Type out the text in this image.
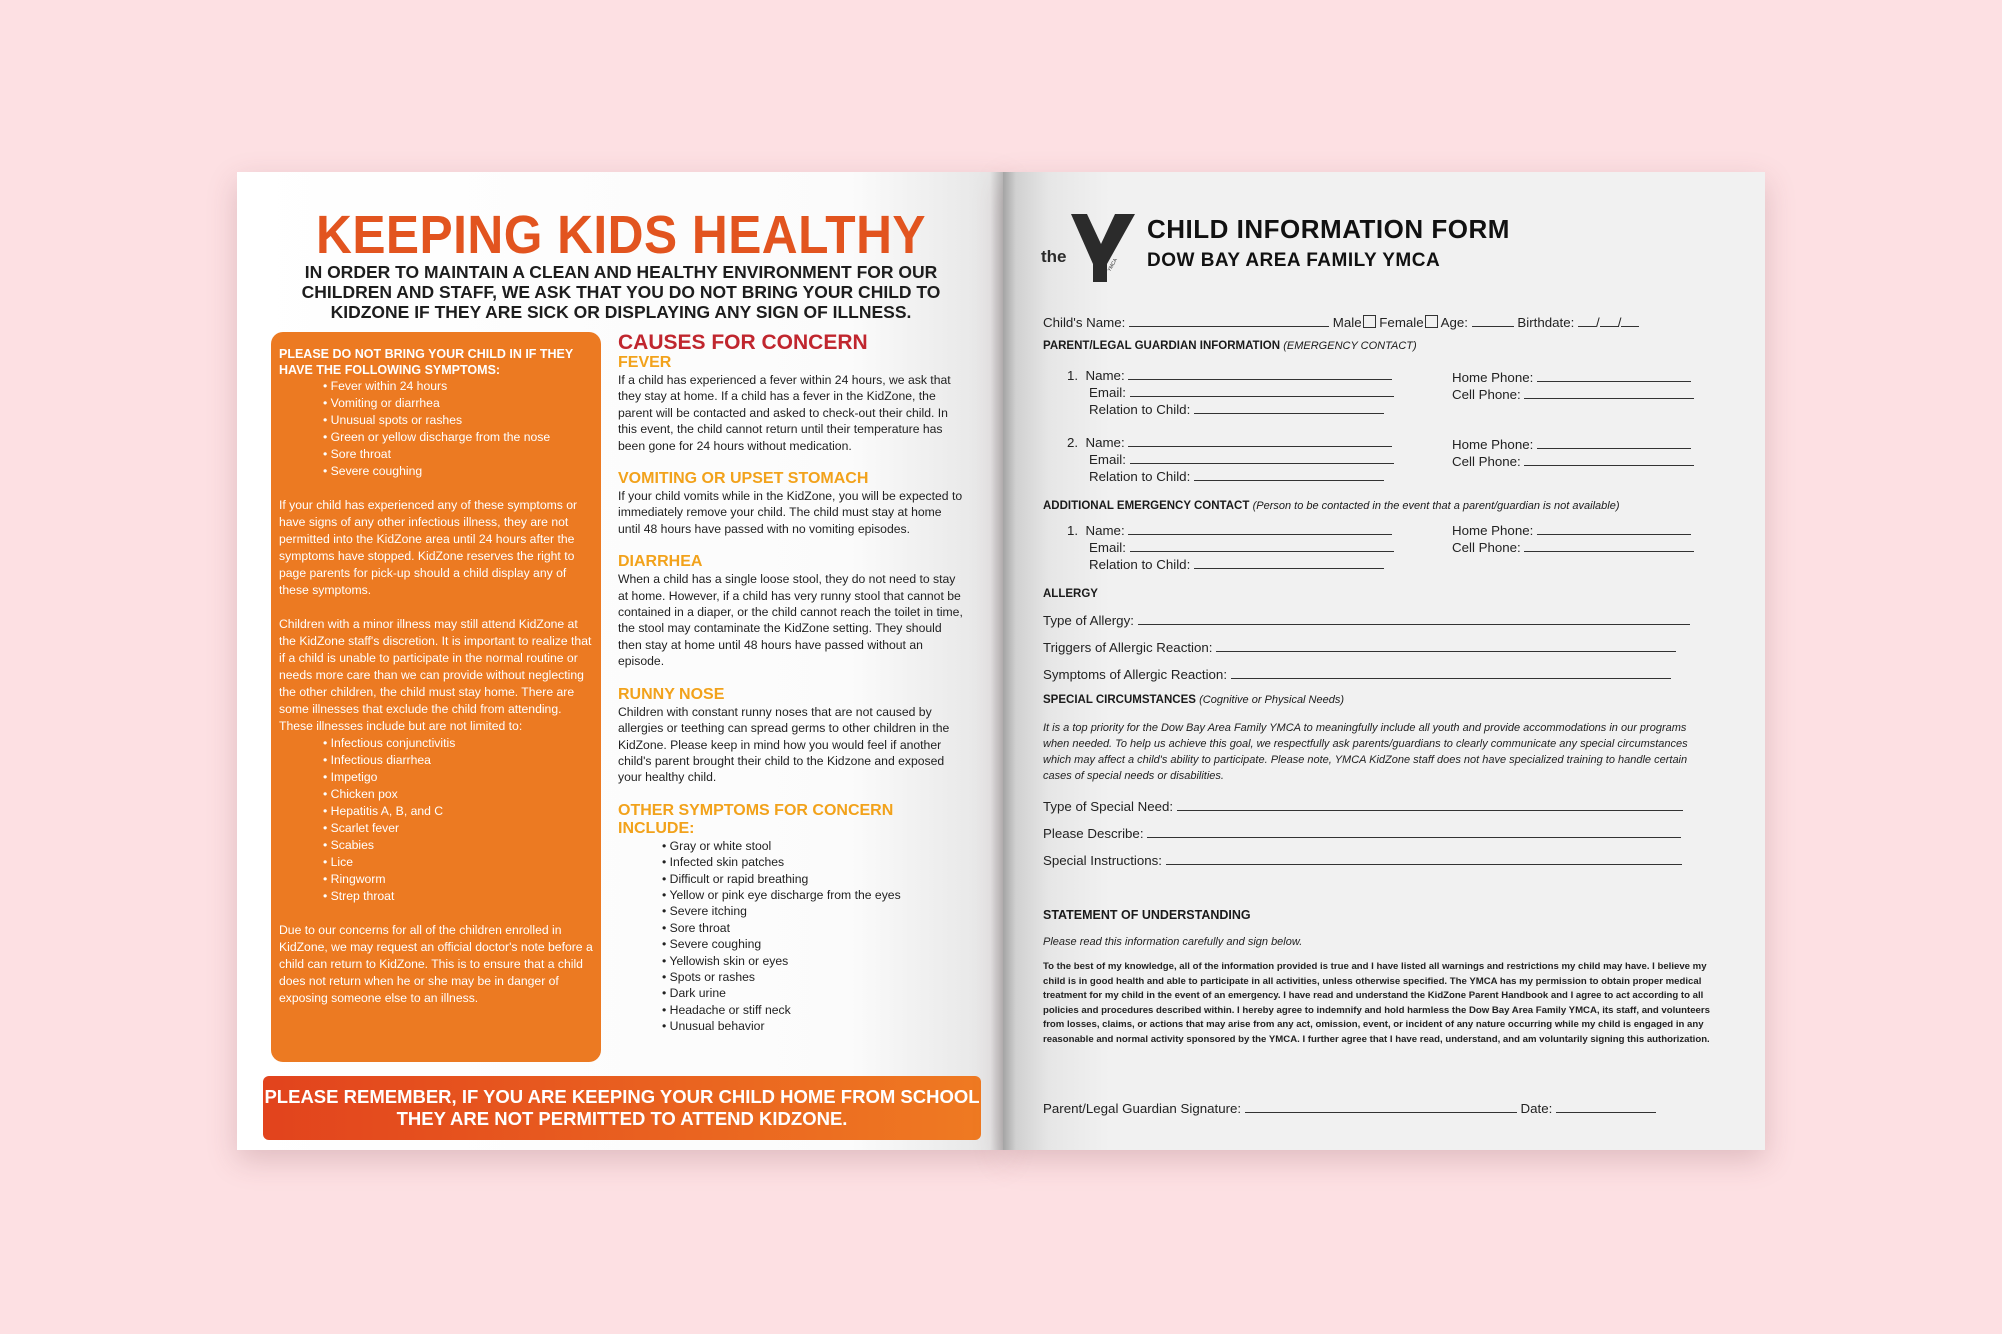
KEEPING KIDS HEALTHY
IN ORDER TO MAINTAIN A CLEAN AND HEALTHY ENVIRONMENT FOR OUR CHILDREN AND STAFF, WE ASK THAT YOU DO NOT BRING YOUR CHILD TO KIDZONE IF THEY ARE SICK OR DISPLAYING ANY SIGN OF ILLNESS.
PLEASE DO NOT BRING YOUR CHILD IN IF THEY HAVE THE FOLLOWING SYMPTOMS:
• Fever within 24 hours
• Vomiting or diarrhea
• Unusual spots or rashes
• Green or yellow discharge from the nose
• Sore throat
• Severe coughing

If your child has experienced any of these symptoms or have signs of any other infectious illness, they are not permitted into the KidZone area until 24 hours after the symptoms have stopped. KidZone reserves the right to page parents for pick-up should a child display any of these symptoms.

Children with a minor illness may still attend KidZone at the KidZone staff's discretion. It is important to realize that if a child is unable to participate in the normal routine or needs more care than we can provide without neglecting the other children, the child must stay home. There are some illnesses that exclude the child from attending. These illnesses include but are not limited to:

• Infectious conjunctivitis
• Infectious diarrhea
• Impetigo
• Chicken pox
• Hepatitis A, B, and C
• Scarlet fever
• Scabies
• Lice
• Ringworm
• Strep throat

Due to our concerns for all of the children enrolled in KidZone, we may request an official doctor's note before a child can return to KidZone. This is to ensure that a child does not return when he or she may be in danger of exposing someone else to an illness.

CAUSES FOR CONCERN
FEVER

If a child has experienced a fever within 24 hours, we ask that they stay at home. If a child has a fever in the KidZone, the parent will be contacted and asked to check-out their child. In this event, the child cannot return until their temperature has been gone for 24 hours without medication.

VOMITING OR UPSET STOMACH

If your child vomits while in the KidZone, you will be expected to immediately remove your child. The child must stay at home until 48 hours have passed with no vomiting episodes.

DIARRHEA

When a child has a single loose stool, they do not need to stay at home. However, if a child has very runny stool that cannot be contained in a diaper, or the child cannot reach the toilet in time, the stool may contaminate the KidZone setting. They should then stay at home until 48 hours have passed without an episode.

RUNNY NOSE

Children with constant runny noses that are not caused by allergies or teething can spread germs to other children in the KidZone. Please keep in mind how you would feel if another child's parent brought their child to the Kidzone and exposed your healthy child.

OTHER SYMPTOMS FOR CONCERN INCLUDE:
• Gray or white stool
• Infected skin patches
• Difficult or rapid breathing
• Yellow or pink eye discharge from the eyes
• Severe itching
• Sore throat
• Severe coughing
• Yellowish skin or eyes
• Spots or rashes
• Dark urine
• Headache or stiff neck
• Unusual behavior
PLEASE REMEMBER, IF YOU ARE KEEPING YOUR CHILD HOME FROM SCHOOL
THEY ARE NOT PERMITTED TO ATTEND KIDZONE.
the	YMCA
CHILD INFORMATION FORM
DOW BAY AREA FAMILY YMCA
Child's Name:	Male Female Age:	Birthdate: / /
PARENT/LEGAL GUARDIAN INFORMATION (EMERGENCY CONTACT)
1. Name:
Email:
Relation to Child:
Home Phone:
Cell Phone:
2. Name:
Email:
Relation to Child:
Home Phone:
Cell Phone:
ADDITIONAL EMERGENCY CONTACT (Person to be contacted in the event that a parent/guardian is not available)
1. Name:
Email:
Relation to Child:
Home Phone:
Cell Phone:
ALLERGY
Type of Allergy:
Triggers of Allergic Reaction:
Symptoms of Allergic Reaction:
SPECIAL CIRCUMSTANCES (Cognitive or Physical Needs)
It is a top priority for the Dow Bay Area Family YMCA to meaningfully include all youth and provide accommodations in our programs when needed. To help us achieve this goal, we respectfully ask parents/guardians to clearly communicate any special circumstances which may affect a child's ability to participate. Please note, YMCA KidZone staff does not have specialized training to handle certain cases of special needs or disabilities.
Type of Special Need:
Please Describe:
Special Instructions:
STATEMENT OF UNDERSTANDING
Please read this information carefully and sign below.
To the best of my knowledge, all of the information provided is true and I have listed all warnings and restrictions my child may have. I believe my child is in good health and able to participate in all activities, unless otherwise specified. The YMCA has my permission to obtain proper medical treatment for my child in the event of an emergency. I have read and understand the KidZone Parent Handbook and I agree to act according to all policies and procedures described within. I hereby agree to indemnify and hold harmless the Dow Bay Area Family YMCA, its staff, and volunteers from losses, claims, or actions that may arise from any act, omission, event, or incident of any nature occurring while my child is engaged in any reasonable and normal activity sponsored by the YMCA. I further agree that I have read, understand, and am voluntarily signing this authorization.
Parent/Legal Guardian Signature:	Date:
